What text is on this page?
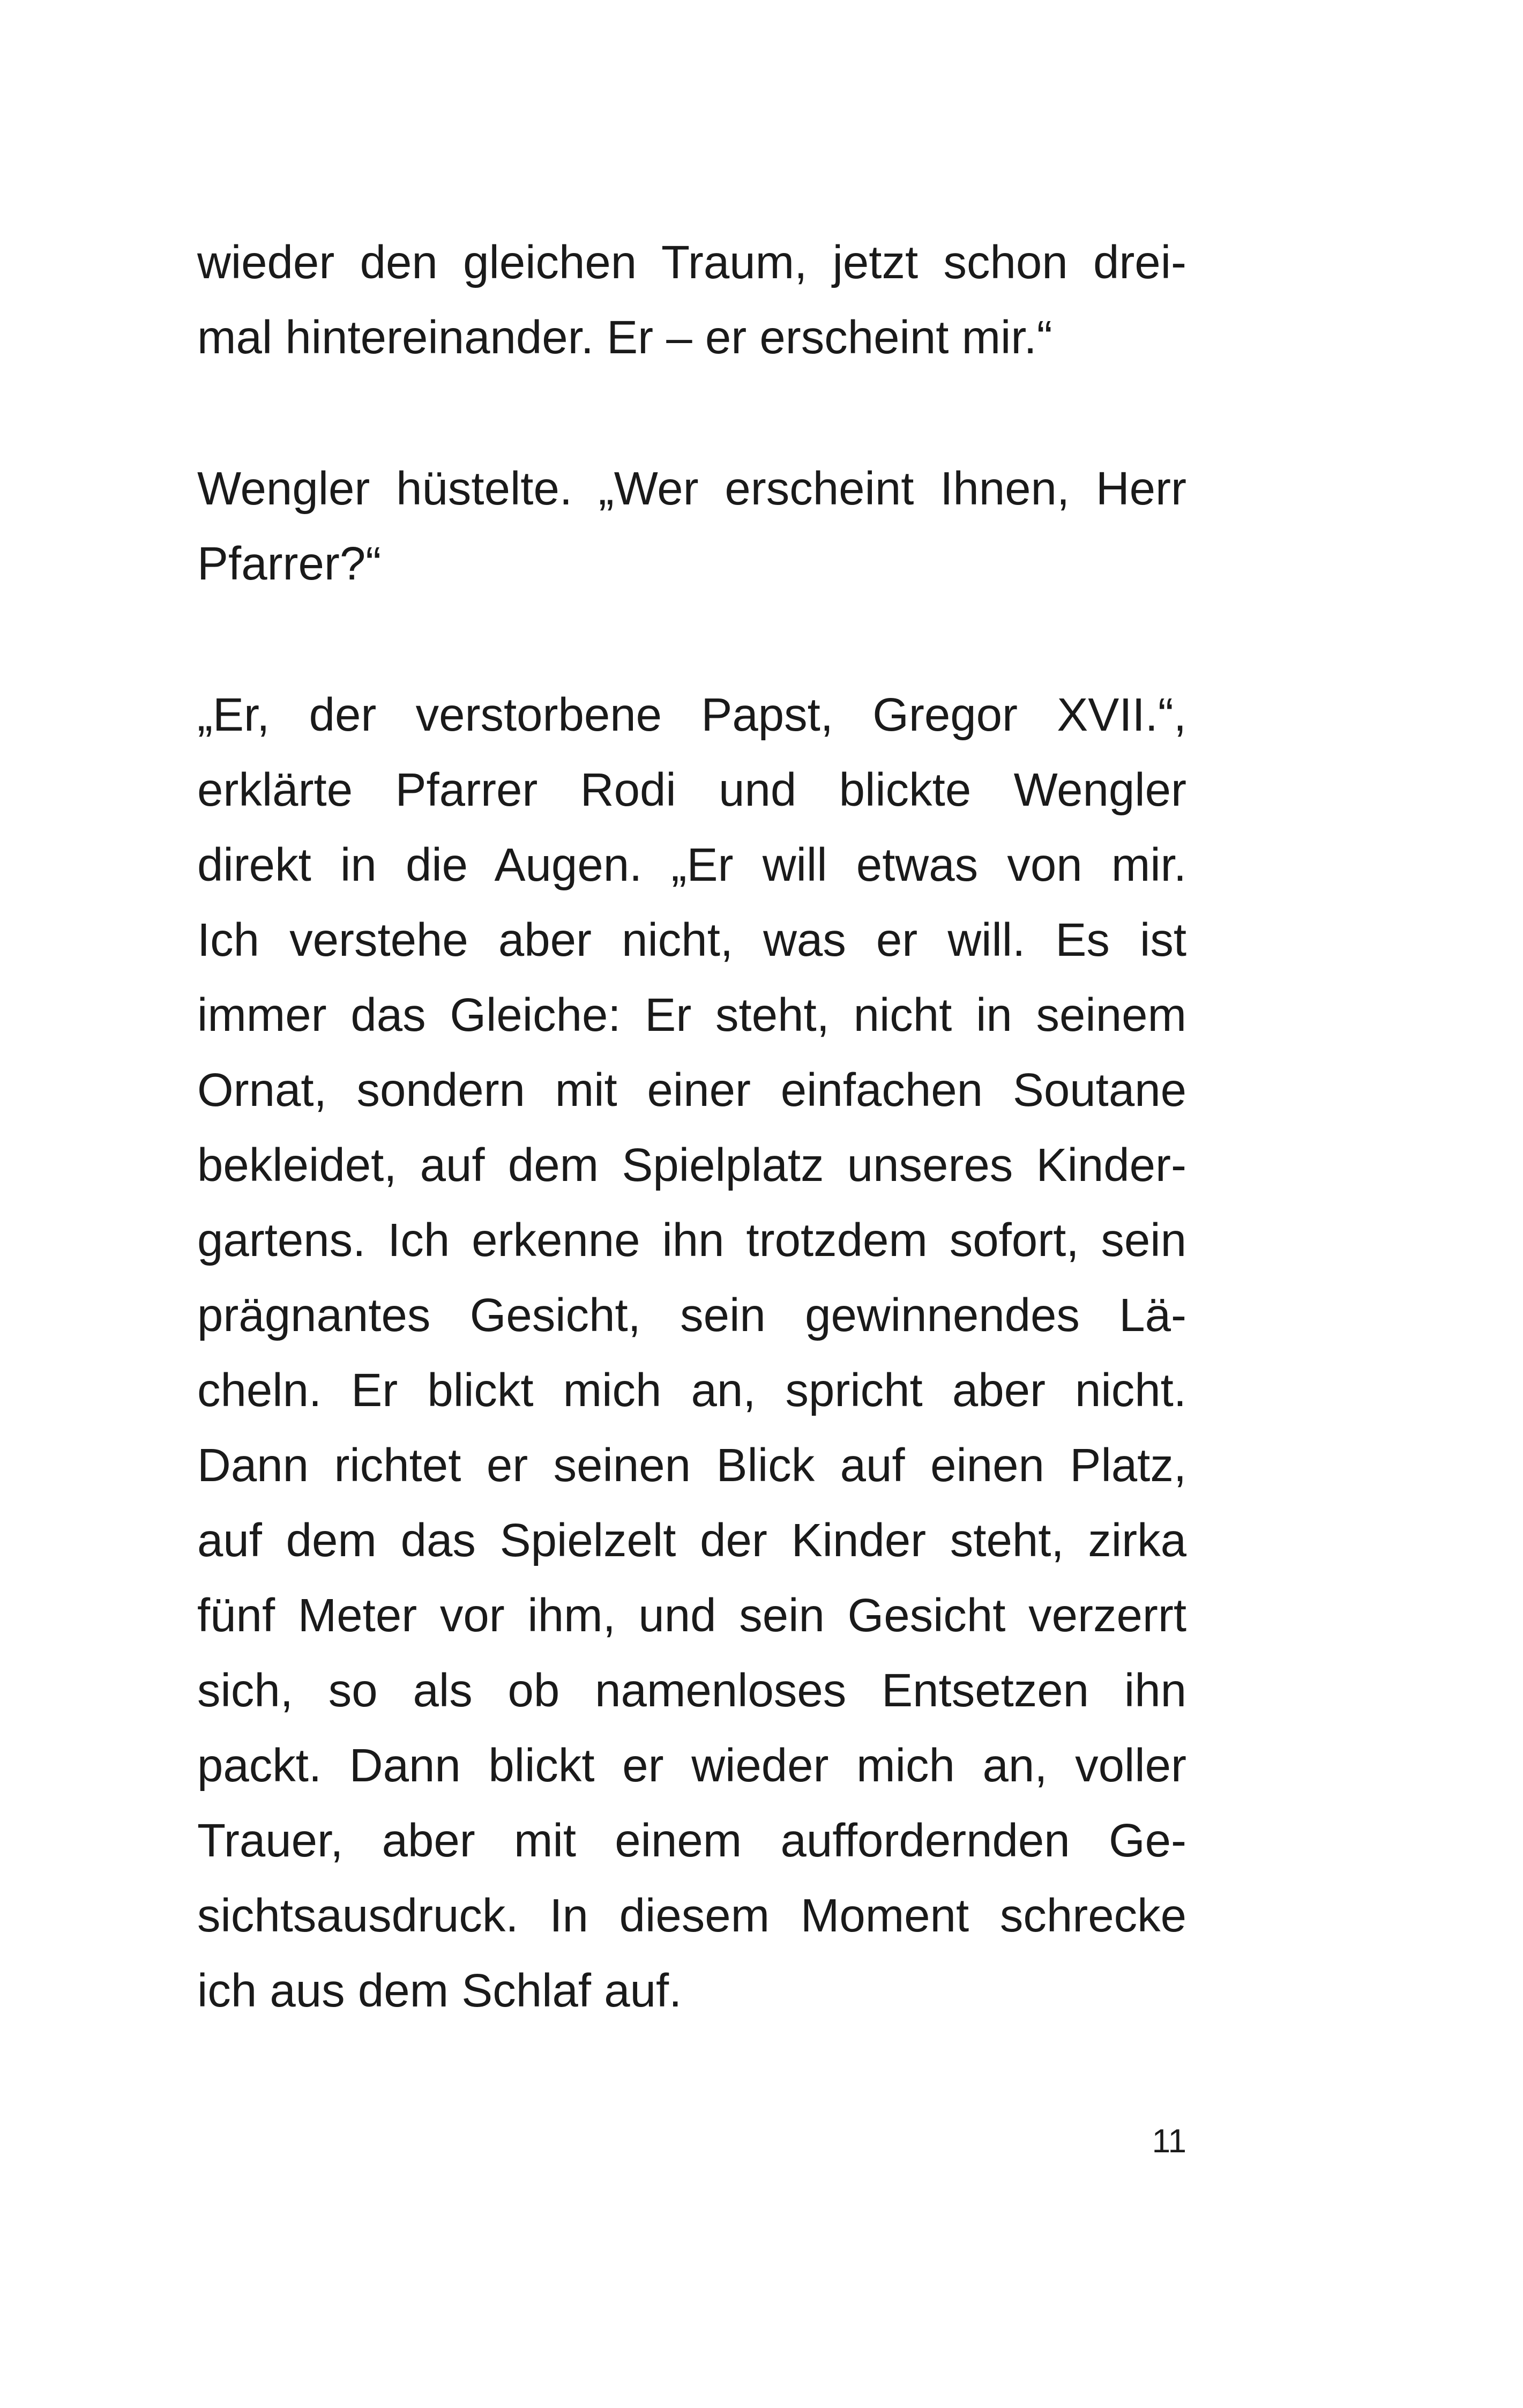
wieder den gleichen Traum, jetzt schon drei-
mal hintereinander. Er – er erscheint mir.“
Wengler hüstelte. „Wer erscheint Ihnen, Herr
Pfarrer?“
„Er, der verstorbene Papst, Gregor XVII.“,
erklärte Pfarrer Rodi und blickte Wengler
direkt in die Augen. „Er will etwas von mir.
Ich verstehe aber nicht, was er will. Es ist
immer das Gleiche: Er steht, nicht in seinem
Ornat, sondern mit einer einfachen Soutane
bekleidet, auf dem Spielplatz unseres Kinder-
gartens. Ich erkenne ihn trotzdem sofort, sein
prägnantes Gesicht, sein gewinnendes Lä-
cheln. Er blickt mich an, spricht aber nicht.
Dann richtet er seinen Blick auf einen Platz,
auf dem das Spielzelt der Kinder steht, zirka
fünf Meter vor ihm, und sein Gesicht verzerrt
sich, so als ob namenloses Entsetzen ihn
packt. Dann blickt er wieder mich an, voller
Trauer, aber mit einem auffordernden Ge-
sichtsausdruck. In diesem Moment schrecke
ich aus dem Schlaf auf.
11
